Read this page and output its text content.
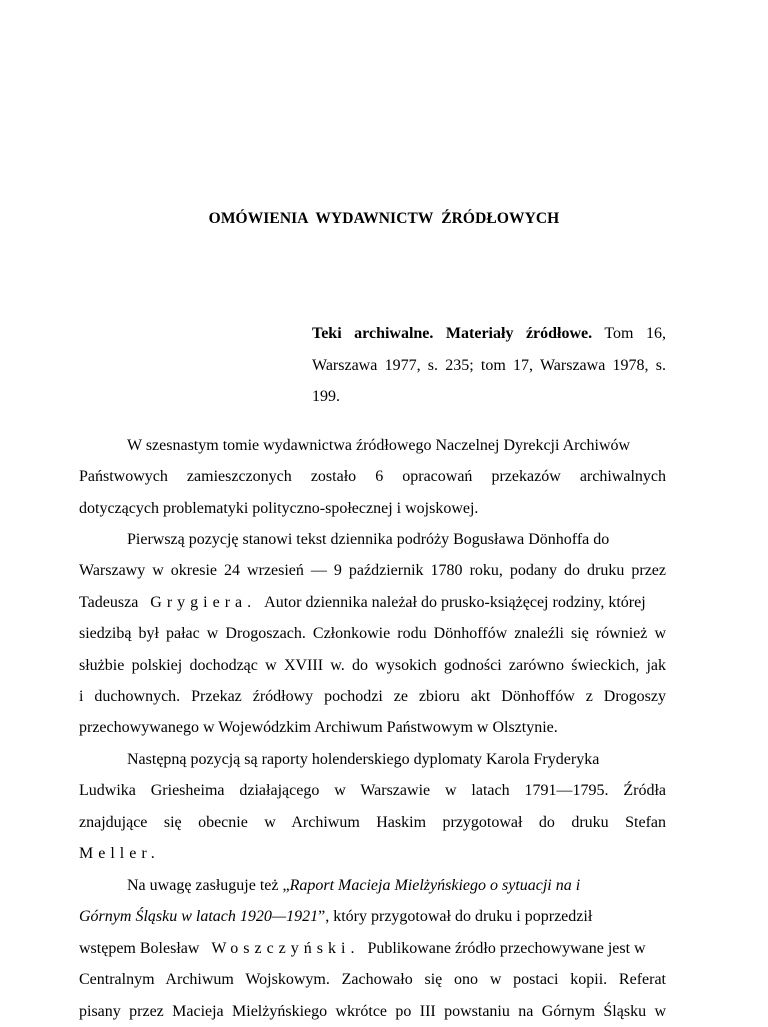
OMÓWIENIA  WYDAWNICTW  ŹRÓDŁOWYCH
Teki archiwalne. Materiały źródłowe. Tom 16, Warszawa 1977, s. 235; tom 17, Warszawa 1978, s. 199.
W szesnastym tomie wydawnictwa źródłowego Naczelnej Dyrekcji Archiwów
Państwowych zamieszczonych zostało 6 opracowań przekazów archiwalnych
dotyczących problematyki polityczno-społecznej i wojskowej.
Pierwszą pozycję stanowi tekst dziennika podróży Bogusława Dönhoffa do
Warszawy w okresie 24 wrzesień — 9 październik 1780 roku, podany do druku przez
Tadeusza Grygiera. Autor dziennika należał do prusko-książęcej rodziny, której
siedzibą był pałac w Drogoszach. Członkowie rodu Dönhoffów znaleźli się również w
służbie polskiej dochodząc w XVIII w. do wysokich godności zarówno świeckich, jak
i duchownych. Przekaz źródłowy pochodzi ze zbioru akt Dönhoffów z Drogoszy
przechowywanego w Wojewódzkim Archiwum Państwowym w Olsztynie.
Następną pozycją są raporty holenderskiego dyplomaty Karola Fryderyka
Ludwika Griesheima działającego w Warszawie w latach 1791—1795. Źródła
znajdujące się obecnie w Archiwum Haskim przygotował do druku Stefan
Meller.
Na uwagę zasługuje też „Raport Macieja Mielżyńskiego o sytuacji na i
Górnym Śląsku w latach 1920—1921”, który przygotował do druku i poprzedził
wstępem Bolesław Woszczyński. Publikowane źródło przechowywane jest w
Centralnym Archiwum Wojskowym. Zachowało się ono w postaci kopii. Referat
pisany przez Macieja Mielżyńskiego wkrótce po III powstaniu na Górnym Śląsku w
